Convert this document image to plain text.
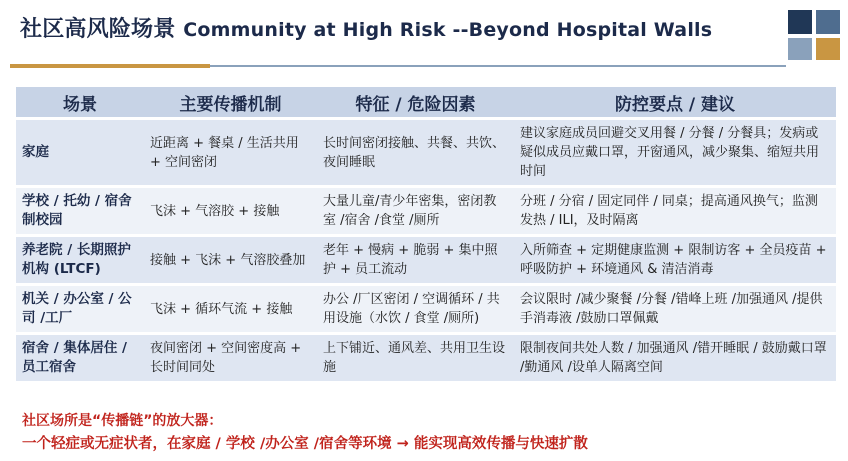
社区高风险场景 Community at High Risk --Beyond Hospital Walls
场景	主要传播机制	特征 / 危险因素	防控要点 / 建议
家庭	近距离 + 餐桌 / 生活共用 + 空间密闭	长时间密闭接触、共餐、共饮、夜间睡眠	建议家庭成员回避交叉用餐 / 分餐 / 分餐具；发病或疑似成员应戴口罩，开窗通风，减少聚集、缩短共用时间
学校 / 托幼 / 宿舍制校园	飞沫 + 气溶胶 + 接触	大量儿童/青少年密集，密闭教室 /宿舍 /食堂 /厕所	分班 / 分宿 / 固定同伴 / 同桌；提高通风换气；监测发热 / ILI，及时隔离
养老院 / 长期照护机构 (LTCF)	接触 + 飞沫 + 气溶胶叠加	老年 + 慢病 + 脆弱 + 集中照护 + 员工流动	入所筛查 + 定期健康监测 + 限制访客 + 全员疫苗 + 呼吸防护 + 环境通风 & 清洁消毒
机关 / 办公室 / 公司 /工厂	飞沫 + 循环气流 + 接触	办公 /厂区密闭 / 空调循环 / 共用设施（水饮 / 食堂 /厕所)	会议限时 /减少聚餐 /分餐 /错峰上班 /加强通风 /提供手消毒液 /鼓励口罩佩戴
宿舍 / 集体居住 /员工宿舍	夜间密闭 + 空间密度高 + 长时间同处	上下铺近、通风差、共用卫生设施	限制夜间共处人数 / 加强通风 /错开睡眠 / 鼓励戴口罩 /勤通风 /设单人隔离空间
社区场所是“传播链”的放大器：
一个轻症或无症状者，在家庭 / 学校 /办公室 /宿舍等环境 → 能实现高效传播与快速扩散
